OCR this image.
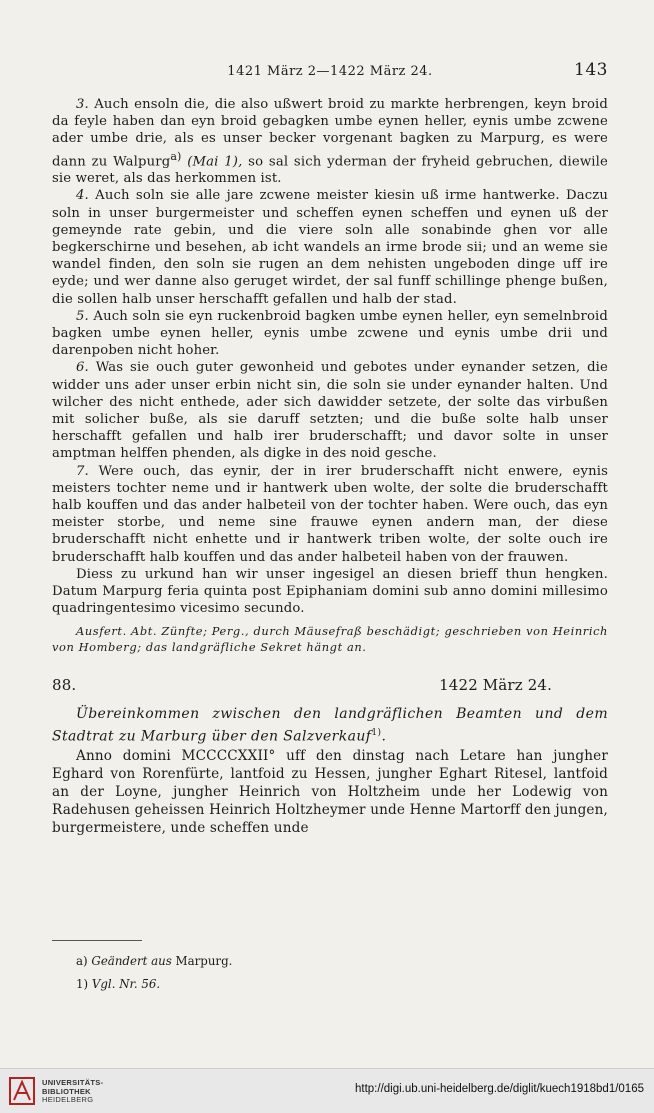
1421 März 2—1422 März 24.	143

3. Auch ensoln die, die also ußwert broid zu markte herbrengen, keyn broid da feyle haben dan eyn broid gebagken umbe eynen heller, eynis umbe zcwene ader umbe drie, als es unser becker vorgenant bagken zu Marpurg, es were dann zu Walpurg$^{a)}$ (Mai 1), so sal sich yderman der fryheid gebruchen, diewile sie weret, als das herkommen ist.

4. Auch soln sie alle jare zcwene meister kiesin uß irme hantwerke. Daczu soln in unser burgermeister und scheffen eynen scheffen und eynen uß der gemeynde rate gebin, und die viere soln alle sonabinde ghen vor alle begkerschirne und besehen, ab icht wandels an irme brode sii; und an weme sie wandel finden, den soln sie rugen an dem nehisten ungeboden dinge uff ire eyde; und wer danne also geruget wirdet, der sal funff schillinge phenge bußen, die sollen halb unser herschafft gefallen und halb der stad.

5. Auch soln sie eyn ruckenbroid bagken umbe eynen heller, eyn semelnbroid bagken umbe eynen heller, eynis umbe zcwene und eynis umbe drii und darenpoben nicht hoher.

6. Was sie ouch guter gewonheid und gebotes under eynander setzen, die widder uns ader unser erbin nicht sin, die soln sie under eynander halten. Und wilcher des nicht enthede, ader sich dawidder setzete, der solte das virbußen mit solicher buße, als sie daruff setzten; und die buße solte halb unser herschafft gefallen und halb irer bruderschafft; und davor solte in unser amptman helffen phenden, als digke in des noid gesche.

7. Were ouch, das eynir, der in irer bruderschafft nicht enwere, eynis meisters tochter neme und ir hantwerk uben wolte, der solte die bruderschafft halb kouffen und das ander halbeteil von der tochter haben. Were ouch, das eyn meister storbe, und neme sine frauwe eynen andern man, der diese bruderschafft nicht enhette und ir hantwerk triben wolte, der solte ouch ire bruderschafft halb kouffen und das ander halbeteil haben von der frauwen.

Diess zu urkund han wir unser ingesigel an diesen brieff thun hengken. Datum Marpurg feria quinta post Epiphaniam domini sub anno domini millesimo quadringentesimo vicesimo secundo.

Ausfert. Abt. Zünfte; Perg., durch Mäusefraß beschädigt; geschrieben von Heinrich von Homberg; das landgräfliche Sekret hängt an.

88.	1422 März 24.
Übereinkommen zwischen den landgräflichen Beamten und dem Stadtrat zu Marburg über den Salzverkauf$^{1)}$.

Anno domini MCCCCXXII° uff den dinstag nach Letare han jungher Eghard von Rorenfürte, lantfoid zu Hessen, jungher Eghart Ritesel, lantfoid an der Loyne, jungher Heinrich von Holtzheim unde her Lodewig von Radehusen geheissen Heinrich Holtzheymer unde Henne Martorff den jungen, burgermeistere, unde scheffen unde

a) Geändert aus Marpurg.
1) Vgl. Nr. 56.
UNIVERSITÄTS-
BIBLIOTHEK
HEIDELBERG
http://digi.ub.uni-heidelberg.de/diglit/kuech1918bd1/0165
